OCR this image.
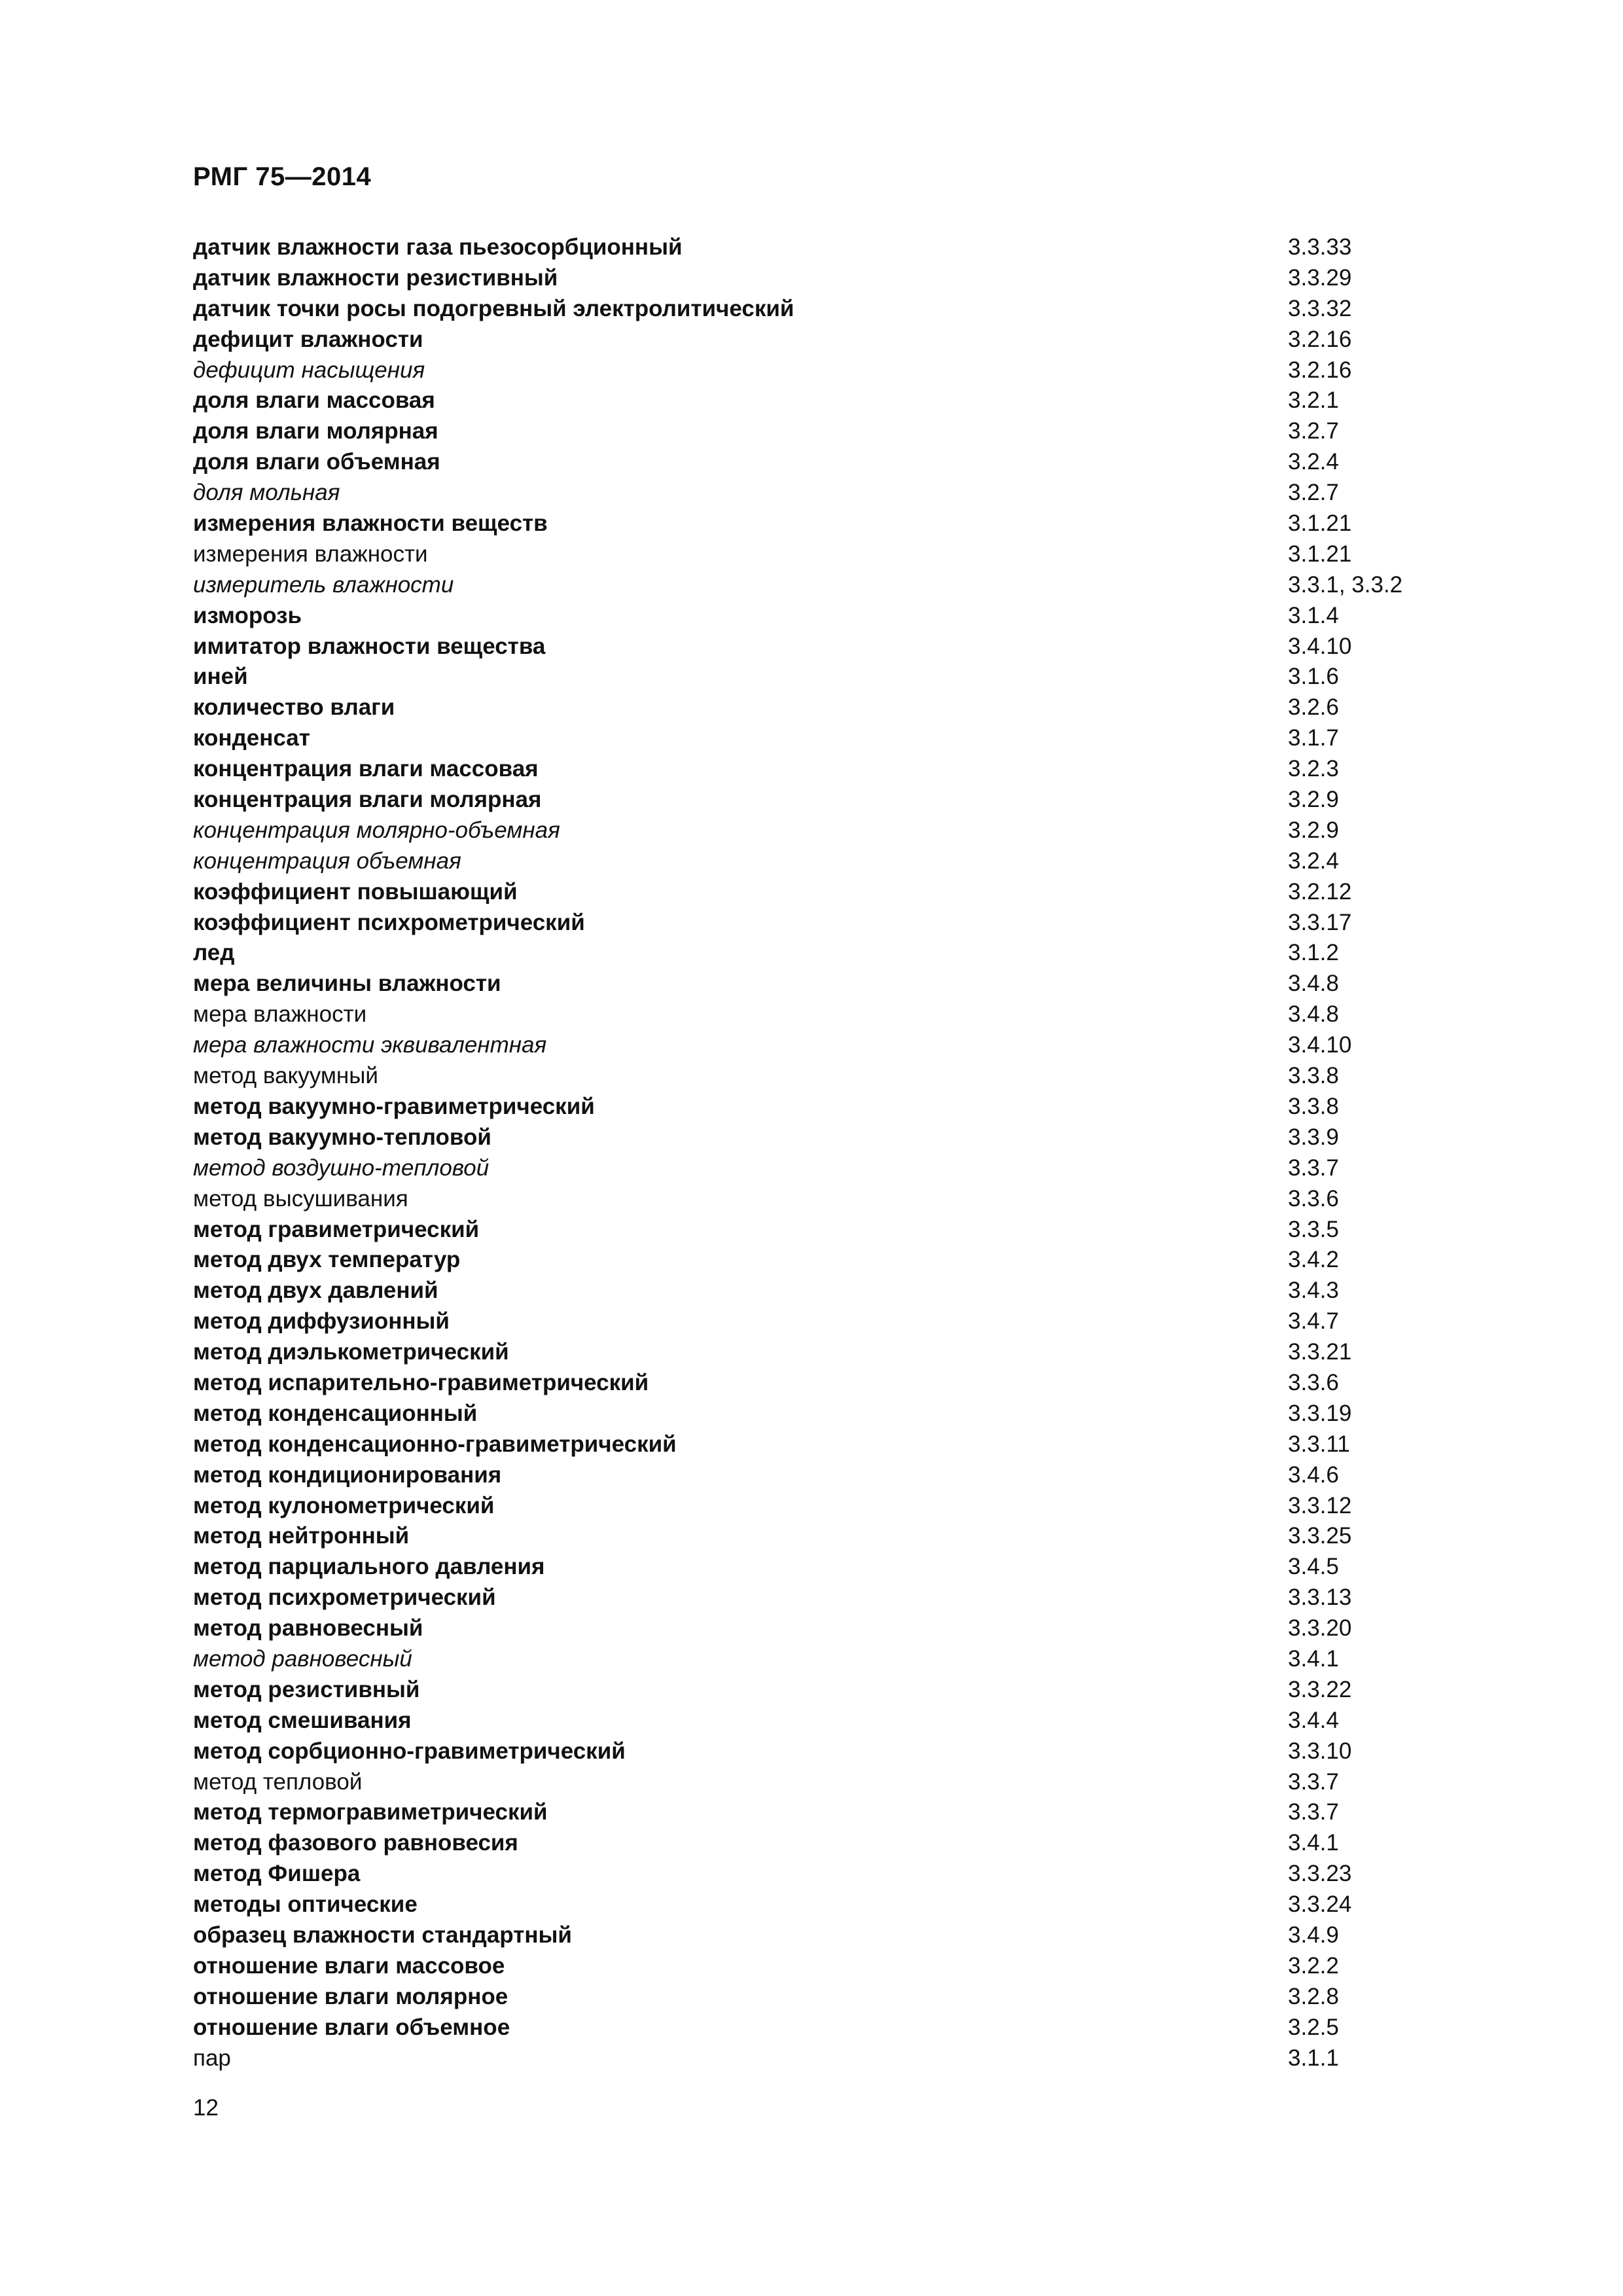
РМГ 75—2014
датчик влажности газа пьезосорбционный	3.3.33
датчик влажности резистивный	3.3.29
датчик точки росы подогревный электролитический	3.3.32
дефицит влажности	3.2.16
дефицит насыщения	3.2.16
доля влаги массовая	3.2.1
доля влаги молярная	3.2.7
доля влаги объемная	3.2.4
доля мольная	3.2.7
измерения влажности веществ	3.1.21
измерения влажности	3.1.21
измеритель влажности	3.3.1, 3.3.2
изморозь	3.1.4
имитатор влажности вещества	3.4.10
иней	3.1.6
количество влаги	3.2.6
конденсат	3.1.7
концентрация влаги массовая	3.2.3
концентрация влаги молярная	3.2.9
концентрация молярно-объемная	3.2.9
концентрация объемная	3.2.4
коэффициент повышающий	3.2.12
коэффициент психрометрический	3.3.17
лед	3.1.2
мера величины влажности	3.4.8
мера влажности	3.4.8
мера влажности эквивалентная	3.4.10
метод вакуумный	3.3.8
метод вакуумно-гравиметрический	3.3.8
метод вакуумно-тепловой	3.3.9
метод воздушно-тепловой	3.3.7
метод высушивания	3.3.6
метод гравиметрический	3.3.5
метод двух температур	3.4.2
метод двух давлений	3.4.3
метод диффузионный	3.4.7
метод диэлькометрический	3.3.21
метод испарительно-гравиметрический	3.3.6
метод конденсационный	3.3.19
метод конденсационно-гравиметрический	3.3.11
метод кондиционирования	3.4.6
метод кулонометрический	3.3.12
метод нейтронный	3.3.25
метод парциального давления	3.4.5
метод психрометрический	3.3.13
метод равновесный	3.3.20
метод равновесный	3.4.1
метод резистивный	3.3.22
метод смешивания	3.4.4
метод сорбционно-гравиметрический	3.3.10
метод тепловой	3.3.7
метод термогравиметрический	3.3.7
метод фазового равновесия	3.4.1
метод Фишера	3.3.23
методы оптические	3.3.24
образец влажности стандартный	3.4.9
отношение влаги массовое	3.2.2
отношение влаги молярное	3.2.8
отношение влаги объемное	3.2.5
пар	3.1.1
12
